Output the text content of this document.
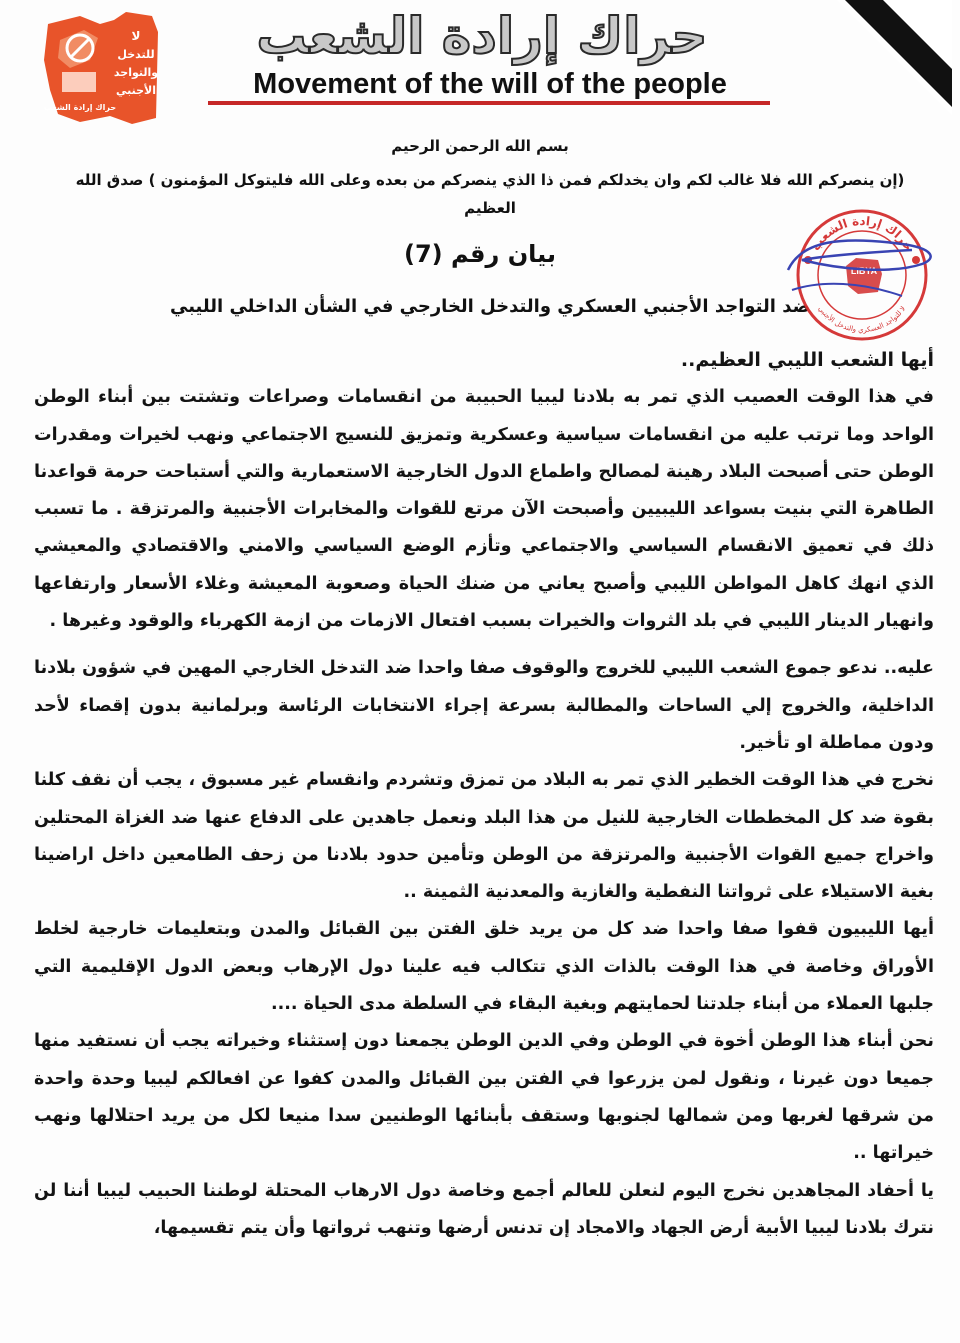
لا
للتدخل
والتواجد
الأجنبي
حراك إرادة الشعب
حراك إرادة الشعب
Movement of the will of the people
بسم الله الرحمن الرحيم
(إن ينصركم الله فلا غالب لكم وان يخدلكم فمن ذا الذي ينصركم من بعده وعلى الله فليتوكل المؤمنون ) صدق الله العظيم
بيان رقم (7)
ضد التواجد الأجنبي العسكري والتدخل الخارجي في الشأن الداخلي الليبي
حراك إرادة الشعب
لا للتواجد العسكري والتدخل الأجنبي
LIBYA

أيها الشعب الليبي العظيم..

في هذا الوقت العصيب الذي تمر به بلادنا ليبيا الحبيبة من انقسامات وصراعات وتشتت بين أبناء الوطن الواحد وما ترتب عليه من انقسامات سياسية وعسكرية وتمزيق للنسيج الاجتماعي ونهب لخيرات ومقدرات الوطن حتى أصبحت البلاد رهينة لمصالح واطماع الدول الخارجية الاستعمارية والتي أستباحت حرمة قواعدنا الطاهرة التي بنيت بسواعد الليبيين وأصبحت الآن مرتع للقوات والمخابرات الأجنبية والمرتزقة . ما تسبب ذلك في تعميق الانقسام السياسي والاجتماعي وتأزم الوضع السياسي والامني والاقتصادي والمعيشي الذي انهك كاهل المواطن الليبي وأصبح يعاني من ضنك الحياة وصعوبة المعيشة وغلاء الأسعار وارتفاعها وانهيار الدينار الليبي في بلد الثروات والخيرات بسبب افتعال الازمات من ازمة الكهرباء والوقود وغيرها .

عليه.. ندعو جموع الشعب الليبي للخروج والوقوف صفا واحدا ضد التدخل الخارجي المهين في شؤون بلادنا الداخلية، والخروج إلي الساحات والمطالبة بسرعة إجراء الانتخابات الرئاسة وبرلمانية بدون إقصاء لأحد ودون مماطلة او تأخير.

نخرج في هذا الوقت الخطير الذي تمر به البلاد من تمزق وتشردم وانقسام غير مسبوق ، يجب أن نقف كلنا بقوة ضد كل المخططات الخارجية للنيل من هذا البلد ونعمل جاهدين على الدفاع عنها ضد الغزاة المحتلين واخراج جميع القوات الأجنبية والمرتزقة من الوطن وتأمين حدود بلادنا من زحف الطامعين داخل اراضينا بغية الاستيلاء على ثرواتنا النفطية والغازية والمعدنية الثمينة ..

أيها الليبيون قفوا صفا واحدا ضد كل من يريد خلق الفتن بين القبائل والمدن وبتعليمات خارجية لخلط الأوراق وخاصة في هذا الوقت بالذات الذي تتكالب فيه علينا دول الإرهاب وبعض الدول الإقليمية التي جلبها العملاء من أبناء جلدتنا لحمايتهم وبغية البقاء في السلطة مدى الحياة ....

نحن أبناء هذا الوطن أخوة في الوطن وفي الدين الوطن يجمعنا دون إستثناء وخيراته يجب أن نستفيد منها جميعا دون غيرنا ، ونقول لمن يزرعوا في الفتن بين القبائل والمدن كفوا عن افعالكم ليبيا وحدة واحدة من شرقها لغربها ومن شمالها لجنوبها وستقف بأبنائها الوطنيين سدا منيعا لكل من يريد احتلالها ونهب خيراتها ..

يا أحفاد المجاهدين نخرج اليوم لنعلن للعالم أجمع وخاصة دول الارهاب المحتلة لوطننا الحبيب ليبيا أننا لن نترك بلادنا ليبيا الأبية أرض الجهاد والامجاد إن تدنس أرضها وتنهب ثرواتها وأن يتم تقسيمها،
